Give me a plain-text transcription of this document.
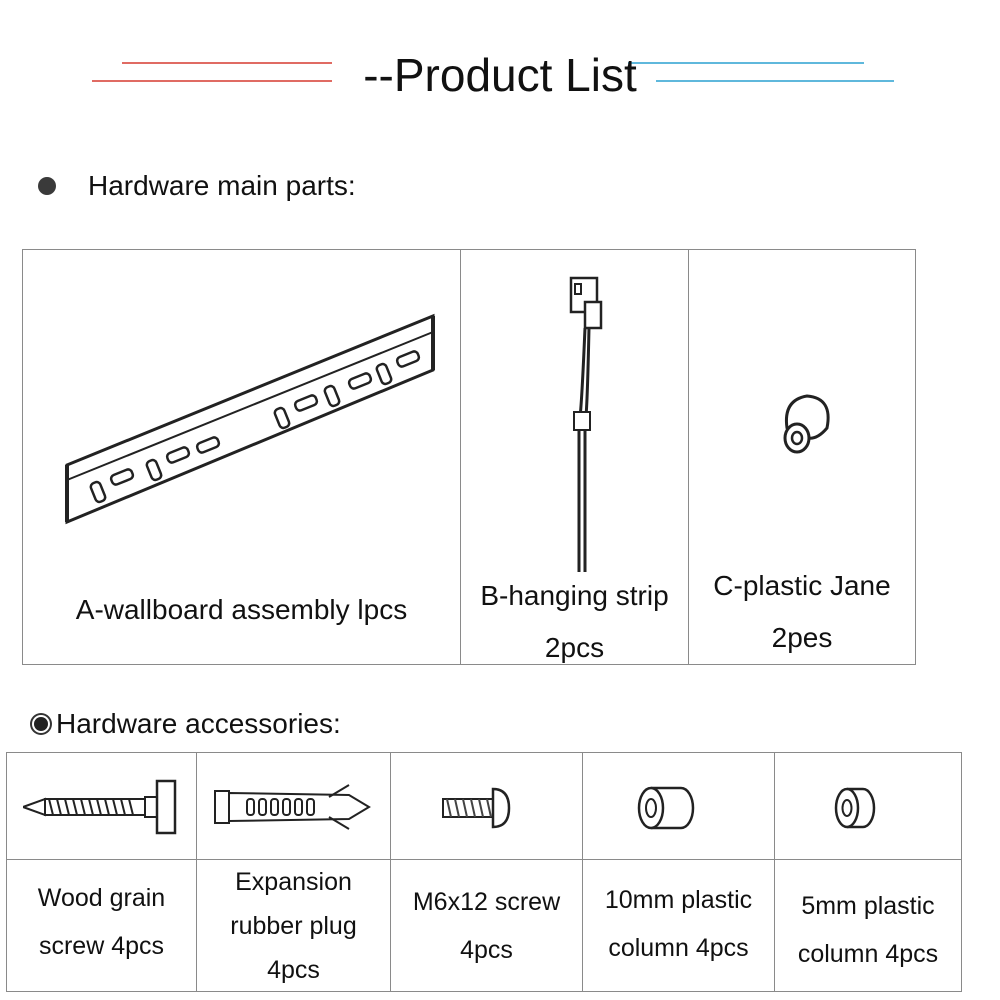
--Product List
Hardware main parts:
A-wallboard assembly lpcs	B-hanging strip
2pcs
C-plastic Jane
2pes
Hardware accessories:
Wood grain
screw 4pcs
Expansion
rubber plug
4pcs
M6x12 screw
4pcs
10mm plastic
column 4pcs
5mm plastic
column 4pcs
